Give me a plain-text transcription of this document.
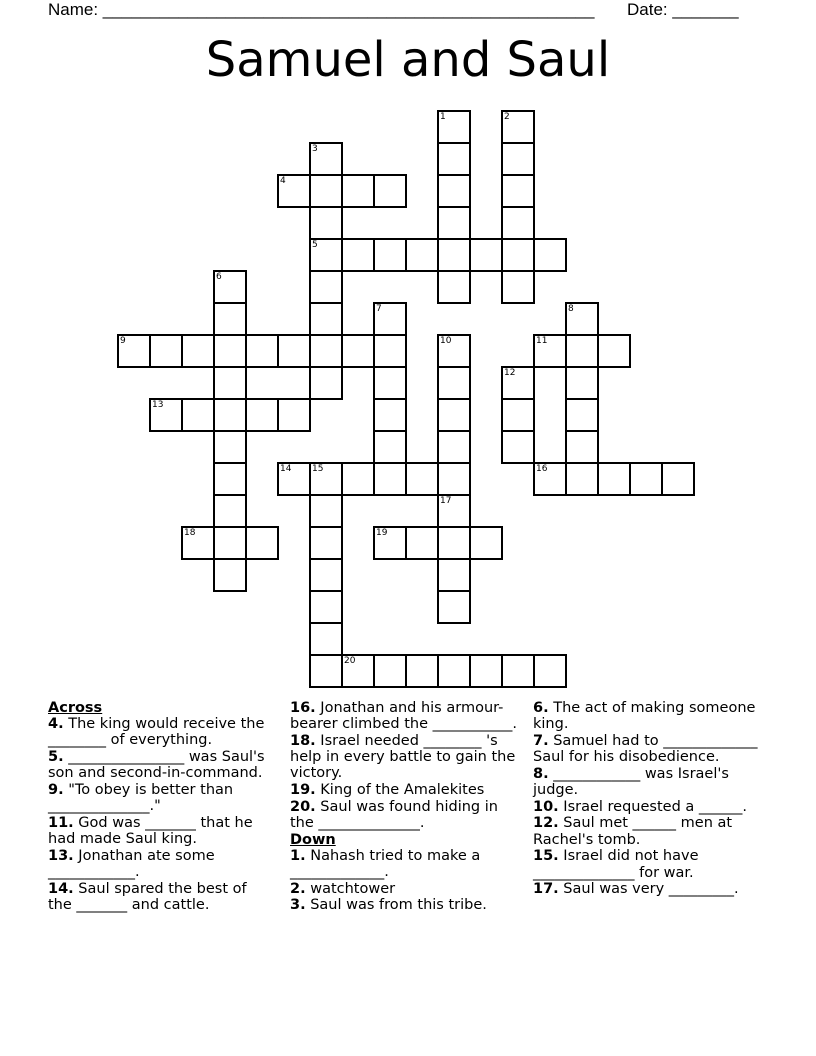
Name: ____________________________________________________ Date: _______
Samuel and Saul
1	2
3
5
4
6
7	8
9	10	11
12
13
14 15	16
17
18	19
20
Across
4. The king would receive the ________ of everything.
5. ________________ was Saul's son and second-in-command.
9. "To obey is better than ______________."
11. God was _______ that he had made Saul king.
13. Jonathan ate some ____________.
14. Saul spared the best of the _______ and cattle.
16. Jonathan and his armour-bearer climbed the ___________.
18. Israel needed ________ 's help in every battle to gain the victory.
19. King of the Amalekites
20. Saul was found hiding in the ______________.
Down
1. Nahash tried to make a _____________.
2. watchtower
3. Saul was from this tribe.
6. The act of making someone king.
7. Samuel had to _____________ Saul for his disobedience.
8. ____________ was Israel's judge.
10. Israel requested a ______.
12. Saul met ______ men at Rachel's tomb.
15. Israel did not have ______________ for war.
17. Saul was very _________.
